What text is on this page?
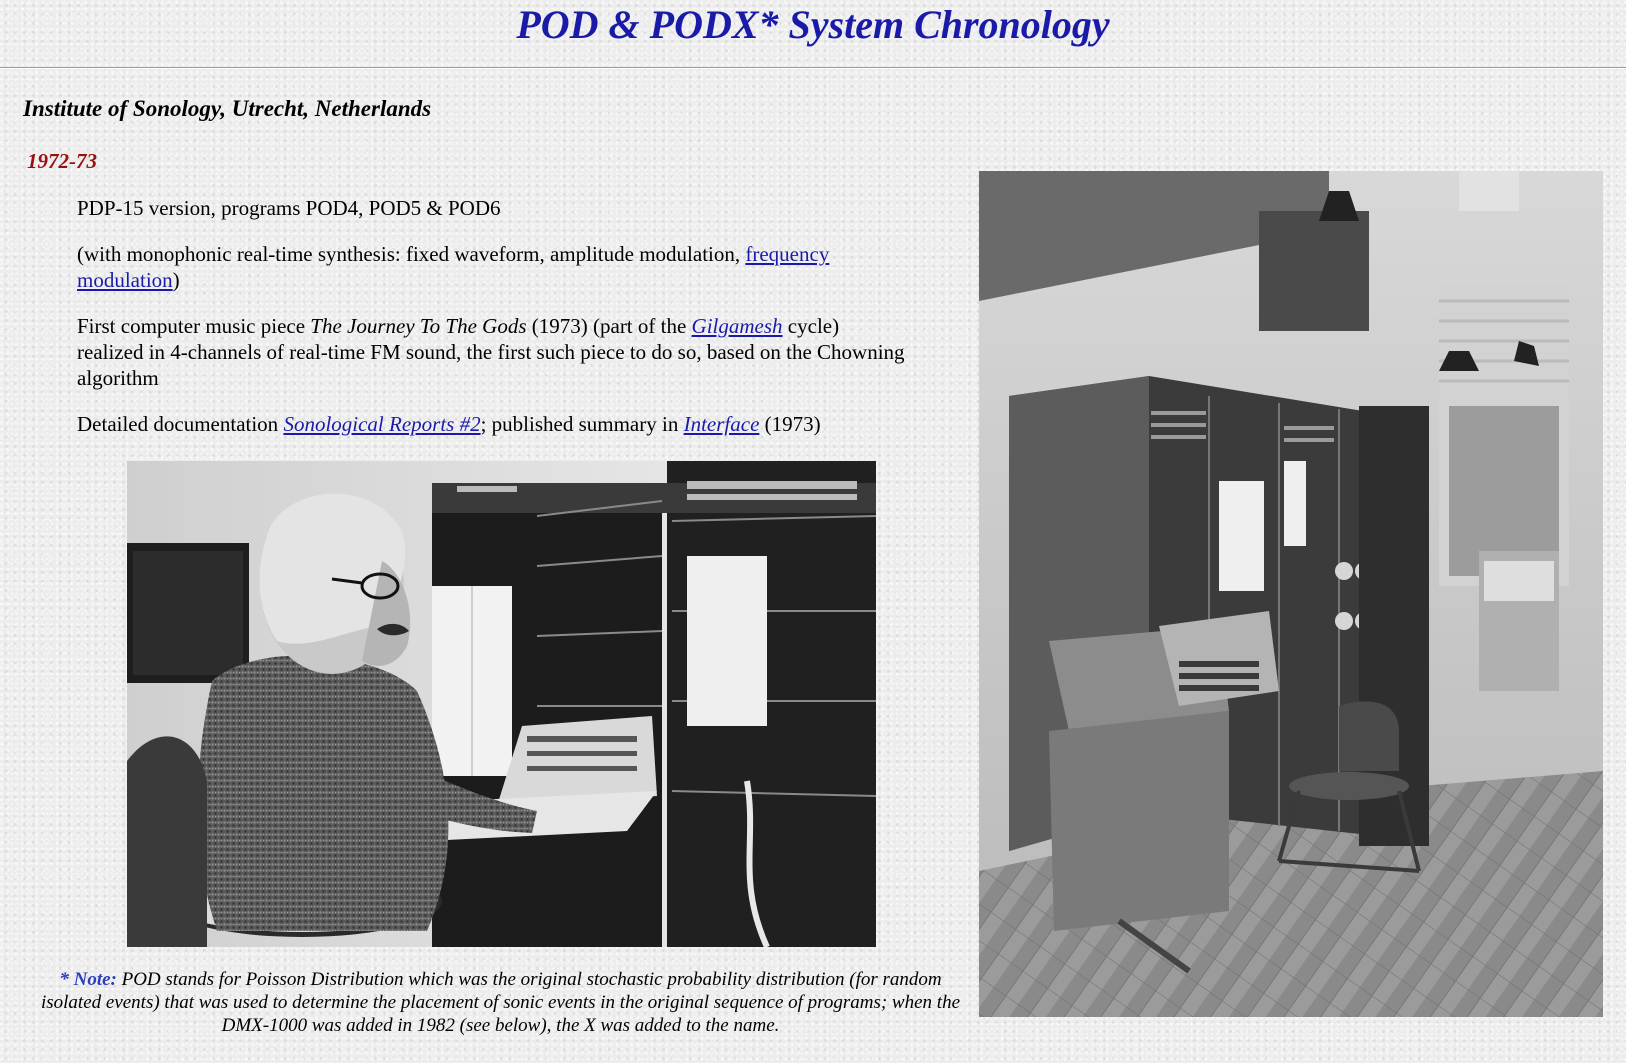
POD & PODX* System Chronology
Institute of Sonology, Utrecht, Netherlands
1972-73

PDP-15 version, programs POD4, POD5 & POD6

(with monophonic real-time synthesis: fixed waveform, amplitude modulation, frequency modulation)

First computer music piece The Journey To The Gods (1973) (part of the Gilgamesh cycle) realized in 4-channels of real-time FM sound, the first such piece to do so, based on the Chowning algorithm

Detailed documentation Sonological Reports #2; published summary in Interface (1973)

* Note: POD stands for Poisson Distribution which was the original stochastic probability distribution (for random isolated events) that was used to determine the placement of sonic events in the original sequence of programs; when the DMX-1000 was added in 1982 (see below), the X was added to the name.
